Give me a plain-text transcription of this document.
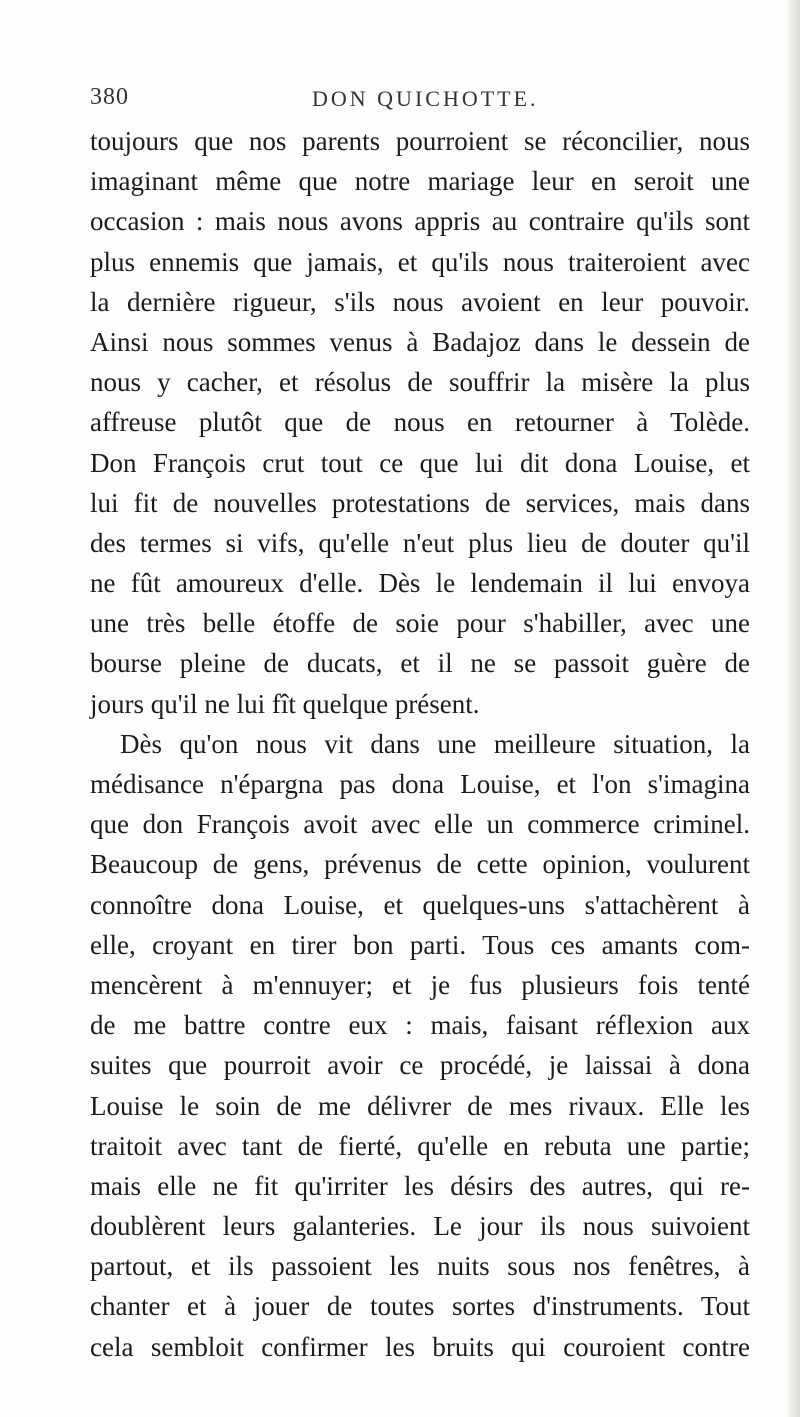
380	DON QUICHOTTE.
toujours que nos parents pourroient se réconcilier, nous
imaginant même que notre mariage leur en seroit une
occasion : mais nous avons appris au contraire qu'ils sont
plus ennemis que jamais, et qu'ils nous traiteroient avec
la dernière rigueur, s'ils nous avoient en leur pouvoir.
Ainsi nous sommes venus à Badajoz dans le dessein de
nous y cacher, et résolus de souffrir la misère la plus
affreuse plutôt que de nous en retourner à Tolède.
Don François crut tout ce que lui dit dona Louise, et
lui fit de nouvelles protestations de services, mais dans
des termes si vifs, qu'elle n'eut plus lieu de douter qu'il
ne fût amoureux d'elle. Dès le lendemain il lui envoya
une très belle étoffe de soie pour s'habiller, avec une
bourse pleine de ducats, et il ne se passoit guère de
jours qu'il ne lui fît quelque présent.
Dès qu'on nous vit dans une meilleure situation, la
médisance n'épargna pas dona Louise, et l'on s'imagina
que don François avoit avec elle un commerce criminel.
Beaucoup de gens, prévenus de cette opinion, voulurent
connoître dona Louise, et quelques-uns s'attachèrent à
elle, croyant en tirer bon parti. Tous ces amants com-
mencèrent à m'ennuyer; et je fus plusieurs fois tenté
de me battre contre eux : mais, faisant réflexion aux
suites que pourroit avoir ce procédé, je laissai à dona
Louise le soin de me délivrer de mes rivaux. Elle les
traitoit avec tant de fierté, qu'elle en rebuta une partie;
mais elle ne fit qu'irriter les désirs des autres, qui re-
doublèrent leurs galanteries. Le jour ils nous suivoient
partout, et ils passoient les nuits sous nos fenêtres, à
chanter et à jouer de toutes sortes d'instruments. Tout
cela sembloit confirmer les bruits qui couroient contre
